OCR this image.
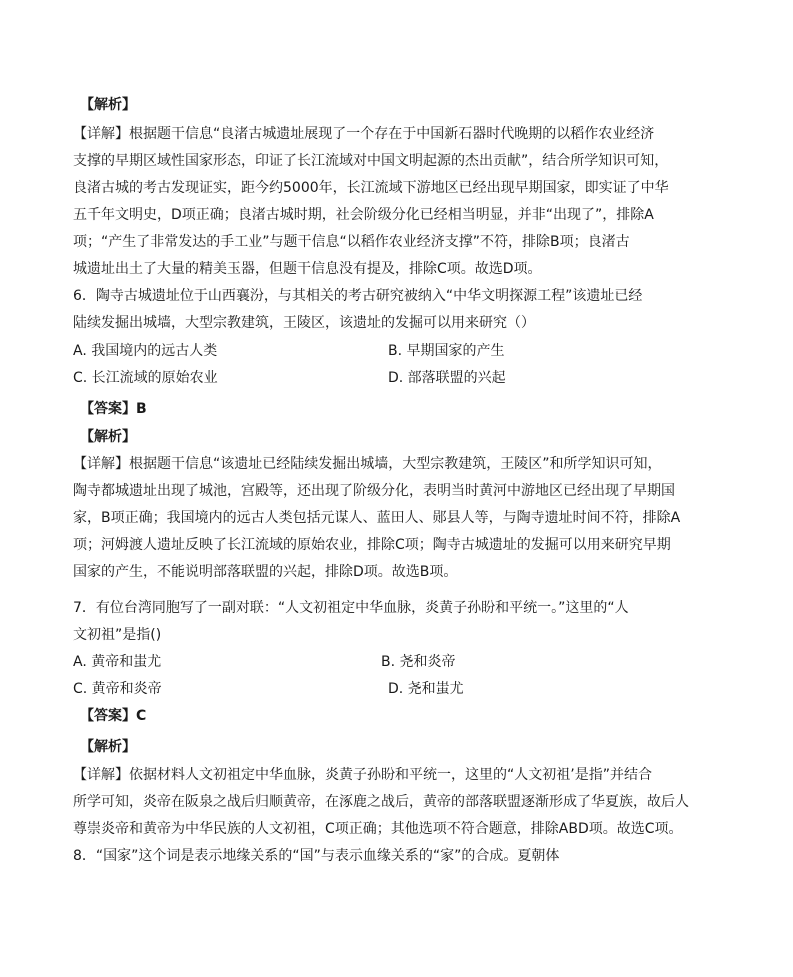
【解析】
【详解】根据题干信息“良渚古城遗址展现了一个存在于中国新石器时代晚期的以稻作农业经济
支撑的早期区域性国家形态，印证了长江流域对中国文明起源的杰出贡献”，结合所学知识可知，
良渚古城的考古发现证实，距今约5000年，长江流域下游地区已经出现早期国家，即实证了中华
五千年文明史，D项正确；良渚古城时期，社会阶级分化已经相当明显，并非“出现了”，排除A
项；“产生了非常发达的手工业”与题干信息“以稻作农业经济支撑”不符，排除B项；良渚古
城遗址出土了大量的精美玉器，但题干信息没有提及，排除C项。故选D项。
6．陶寺古城遗址位于山西襄汾，与其相关的考古研究被纳入“中华文明探源工程”该遗址已经
陆续发掘出城墙，大型宗教建筑，王陵区，该遗址的发掘可以用来研究（）
A. 我国境内的远古人类	B. 早期国家的产生
C. 长江流域的原始农业	D. 部落联盟的兴起
【答案】B
【解析】
【详解】根据题干信息“该遗址已经陆续发掘出城墙，大型宗教建筑，王陵区”和所学知识可知，
陶寺都城遗址出现了城池，宫殿等，还出现了阶级分化，表明当时黄河中游地区已经出现了早期国
家，B项正确；我国境内的远古人类包括元谋人、蓝田人、郧县人等，与陶寺遗址时间不符，排除A
项；河姆渡人遗址反映了长江流域的原始农业，排除C项；陶寺古城遗址的发掘可以用来研究早期
国家的产生，不能说明部落联盟的兴起，排除D项。故选B项。
7．有位台湾同胞写了一副对联：“人文初祖定中华血脉，炎黄子孙盼和平统一。”这里的“人
文初祖”是指()
A. 黄帝和蚩尤	B. 尧和炎帝
C. 黄帝和炎帝	D. 尧和蚩尤
【答案】C
【解析】
【详解】依据材料人文初祖定中华血脉，炎黄子孙盼和平统一，这里的“人文初祖’是指”并结合
所学可知，炎帝在阪泉之战后归顺黄帝，在涿鹿之战后，黄帝的部落联盟逐渐形成了华夏族，故后人
尊崇炎帝和黄帝为中华民族的人文初祖，C项正确；其他选项不符合题意，排除ABD项。故选C项。
8．“国家”这个词是表示地缘关系的“国”与表示血缘关系的“家”的合成。夏朝体
